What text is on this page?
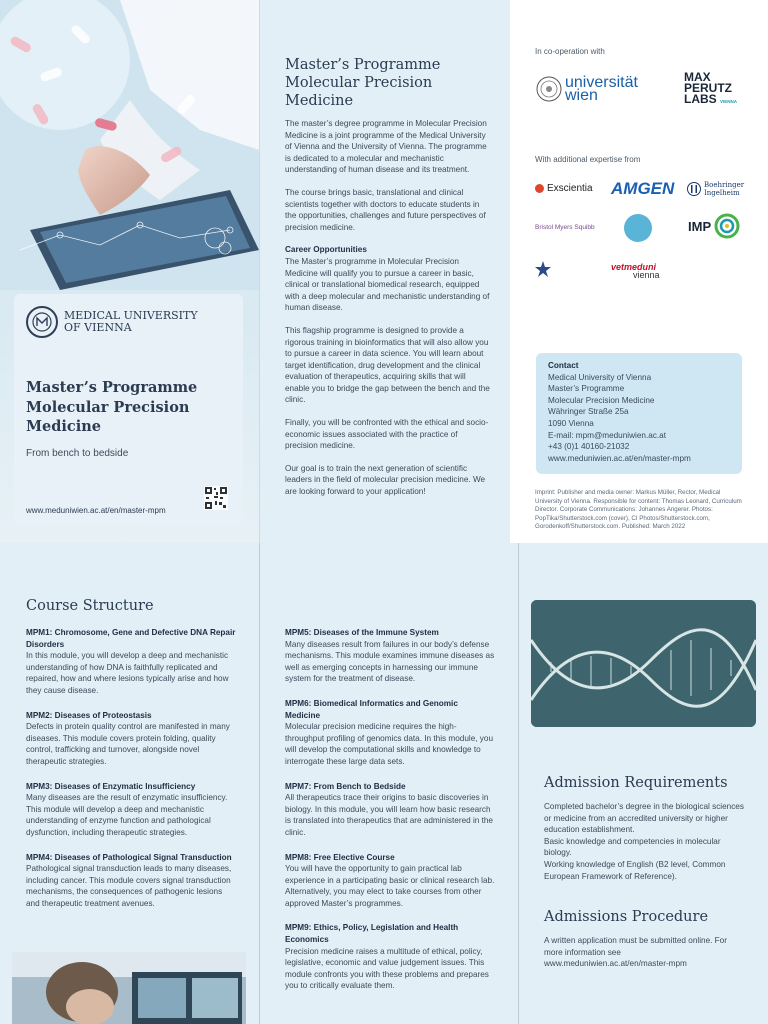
MEDICAL UNIVERSITY
OF VIENNA
Master’s Programme
Molecular Precision
Medicine
From bench to bedside
www.meduniwien.ac.at/en/master-mpm
Master’s Programme
Molecular Precision Medicine
The master’s degree programme in Molecular Precision Medicine is a joint programme of the Medical University of Vienna and the University of Vienna. The programme is dedicated to a molecular and mechanistic understanding of human disease and its treatment.
The course brings basic, translational and clinical scientists together with doctors to educate students in the opportunities, challenges and future perspectives of precision medicine.
Career Opportunities
The Master’s programme in Molecular Precision Medicine will qualify you to pursue a career in basic, clinical or translational biomedical research, equipped with a deep molecular and mechanistic understanding of human disease.
This flagship programme is designed to provide a rigorous training in bioinformatics that will also allow you to pursue a career in data science. You will learn about target identification, drug development and the clinical evaluation of therapeutics, acquiring skills that will enable you to bridge the gap between the bench and the clinic.
Finally, you will be confronted with the ethical and socio-economic issues associated with the practice of precision medicine.
Our goal is to train the next generation of scientific leaders in the field of molecular precision medicine. We are looking forward to your application!
In co-operation with
universität
wien
MAX
PERUTZ
LABS VIENNA
With additional expertise from
Exscientia AMGEN	Boehringer
Ingelheim
Bristol Myers Squibb	IMP

vetmeduni
vienna
Contact
Medical University of Vienna
Master’s Programme
Molecular Precision Medicine
Währinger Straße 25a
1090 Vienna
E-mail: mpm@meduniwien.ac.at
+43 (0)1 40160-21032
www.meduniwien.ac.at/en/master-mpm
Imprint: Publisher and media owner: Markus Müller, Rector, Medical University of Vienna. Responsible for content: Thomas Leonard, Curriculum Director. Corporate Communications: Johannes Angerer. Photos: PopTika/Shutterstock.com (cover), CI Photos/Shutterstock.com, Gorodenkoff/Shutterstock.com. Published: March 2022
Course Structure
MPM1: Chromosome, Gene and Defective DNA Repair Disorders
In this module, you will develop a deep and mechanistic understanding of how DNA is faithfully replicated and repaired, how and where lesions typically arise and how they cause disease.
MPM2: Diseases of Proteostasis
Defects in protein quality control are manifested in many diseases. This module covers protein folding, quality control, trafficking and turnover, alongside novel therapeutic strategies.
MPM3: Diseases of Enzymatic Insufficiency
Many diseases are the result of enzymatic insufficiency. This module will develop a deep and mechanistic understanding of enzyme function and pathological dysfunction, including therapeutic strategies.
MPM4: Diseases of Pathological Signal Transduction
Pathological signal transduction leads to many diseases, including cancer. This module covers signal transduction mechanisms, the consequences of pathogenic lesions and therapeutic treatment avenues.
MPM5: Diseases of the Immune System
Many diseases result from failures in our body’s defense mechanisms. This module examines immune diseases as well as emerging concepts in harnessing our immune system for the treatment of disease.
MPM6: Biomedical Informatics and Genomic Medicine
Molecular precision medicine requires the high-throughput profiling of genomics data. In this module, you will develop the computational skills and knowledge to interrogate these large data sets.
MPM7: From Bench to Bedside
All therapeutics trace their origins to basic discoveries in biology. In this module, you will learn how basic research is translated into therapeutics that are administered in the clinic.
MPM8: Free Elective Course
You will have the opportunity to gain practical lab experience in a participating basic or clinical research lab. Alternatively, you may elect to take courses from other approved Master’s programmes.
MPM9: Ethics, Policy, Legislation and Health Economics
Precision medicine raises a multitude of ethical, policy, legislative, economic and value judgement issues. This module confronts you with these problems and prepares you to critically evaluate them.
Admission Requirements
Completed bachelor’s degree in the biological sciences or medicine from an accredited university or higher education establishment.
Basic knowledge and competencies in molecular biology.
Working knowledge of English (B2 level, Common European Framework of Reference).
Admissions Procedure
A written application must be submitted online. For more information see
www.meduniwien.ac.at/en/master-mpm
